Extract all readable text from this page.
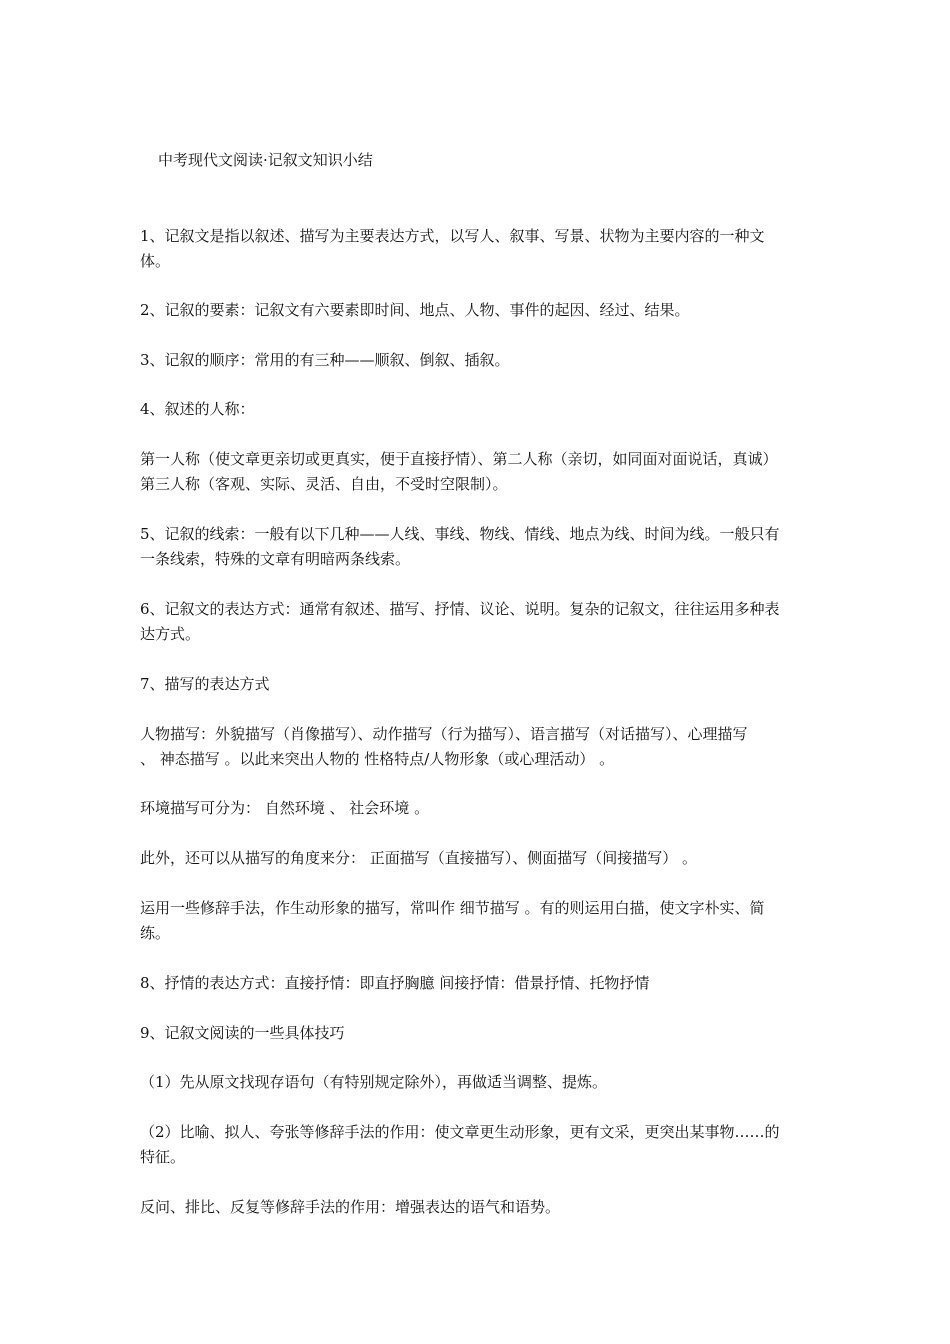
中考现代文阅读·记叙文知识小结
1、记叙文是指以叙述、描写为主要表达方式，以写人、叙事、写景、状物为主要内容的一种文
体。
2、记叙的要素：记叙文有六要素即时间、地点、人物、事件的起因、经过、结果。
3、记叙的顺序：常用的有三种——顺叙、倒叙、插叙。
4、叙述的人称：
第一人称（使文章更亲切或更真实，便于直接抒情）、第二人称（亲切，如同面对面说话，真诚）
第三人称（客观、实际、灵活、自由，不受时空限制）。
5、记叙的线索：一般有以下几种——人线、事线、物线、情线、地点为线、时间为线。一般只有
一条线索，特殊的文章有明暗两条线索。
6、记叙文的表达方式：通常有叙述、描写、抒情、议论、说明。复杂的记叙文，往往运用多种表
达方式。
7、描写的表达方式
人物描写：外貌描写（肖像描写）、动作描写（行为描写）、语言描写（对话描写）、心理描写
、 神态描写 。以此来突出人物的 性格特点/人物形象（或心理活动） 。
环境描写可分为： 自然环境 、 社会环境 。
此外，还可以从描写的角度来分： 正面描写（直接描写）、侧面描写（间接描写） 。
运用一些修辞手法，作生动形象的描写，常叫作 细节描写 。有的则运用白描，使文字朴实、简
练。
8、抒情的表达方式：直接抒情：即直抒胸臆 间接抒情：借景抒情、托物抒情
9、记叙文阅读的一些具体技巧
（1）先从原文找现存语句（有特别规定除外），再做适当调整、提炼。
（2）比喻、拟人、夸张等修辞手法的作用：使文章更生动形象，更有文采，更突出某事物……的
特征。
反问、排比、反复等修辞手法的作用：增强表达的语气和语势。
